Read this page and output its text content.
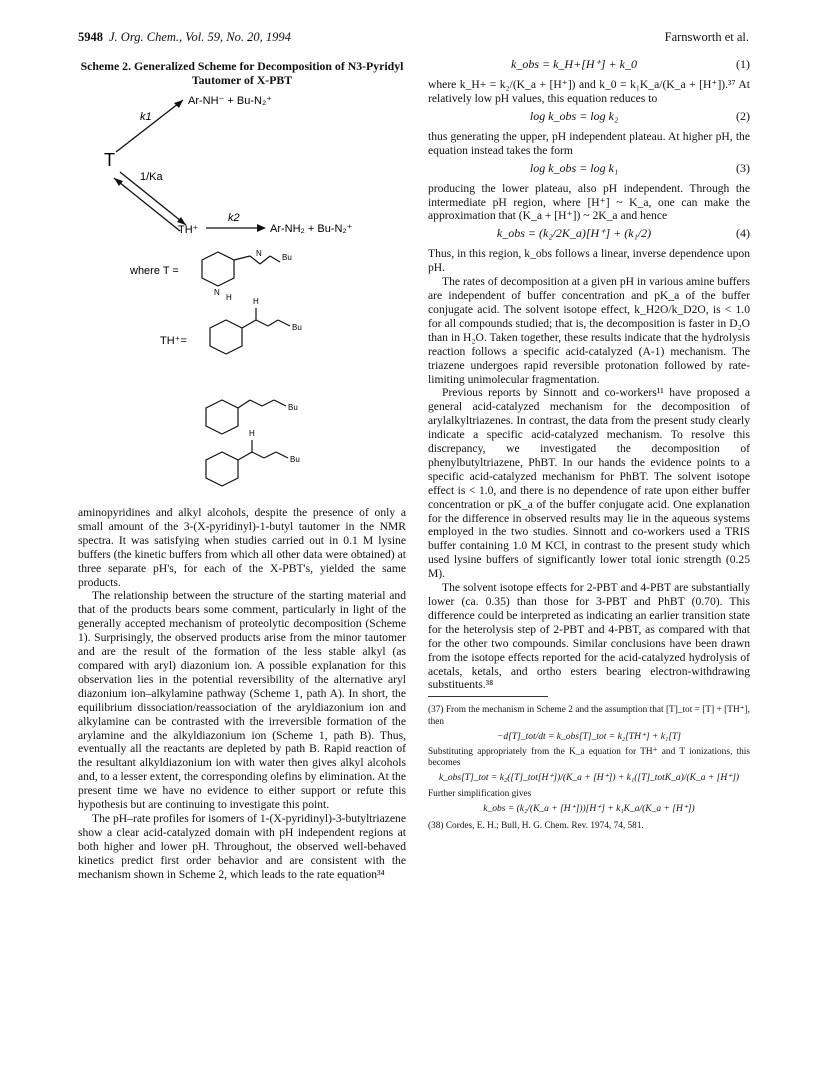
5948 J. Org. Chem., Vol. 59, No. 20, 1994	Farnsworth et al.
Scheme 2. Generalized Scheme for Decomposition of N3-Pyridyl Tautomer of X-PBT
T
k1
Ar-NH⁻ + Bu-N₂⁺
1/Ka
TH⁺
k2
Ar-NH₂ + Bu-N₂⁺
where T =
N	Bu
N
H
TH⁺=
H
Bu
Bu
H
Bu

aminopyridines and alkyl alcohols, despite the presence of only a small amount of the 3-(X-pyridinyl)-1-butyl tautomer in the NMR spectra. It was satisfying when studies carried out in 0.1 M lysine buffers (the kinetic buffers from which all other data were obtained) at three separate pH's, for each of the X-PBT's, yielded the same products.

The relationship between the structure of the starting material and that of the products bears some comment, particularly in light of the generally accepted mechanism of proteolytic decomposition (Scheme 1). Surprisingly, the observed products arise from the minor tautomer and are the result of the formation of the less stable alkyl (as compared with aryl) diazonium ion. A possible explanation for this observation lies in the potential reversibility of the alternative aryl diazonium ion–alkylamine pathway (Scheme 1, path A). In short, the equilibrium dissociation/reassociation of the aryldiazonium ion and alkylamine can be contrasted with the irreversible formation of the arylamine and the alkyldiazonium ion (Scheme 1, path B). Thus, eventually all the reactants are depleted by path B. Rapid reaction of the resultant alkyldiazonium ion with water then gives alkyl alcohols and, to a lesser extent, the corresponding olefins by elimination. At the present time we have no evidence to either support or refute this hypothesis but are continuing to investigate this point.

The pH–rate profiles for isomers of 1-(X-pyridinyl)-3-butyltriazene show a clear acid-catalyzed domain with pH independent regions at both higher and lower pH. Throughout, the observed well-behaved kinetics predict first order behavior and are consistent with the mechanism shown in Scheme 2, which leads to the rate equation³⁴

k_obs = k_H+[H⁺] + k_0	(1)

where k_H+ = k₂/(K_a + [H⁺]) and k_0 = k₁K_a/(K_a + [H⁺]).³⁷ At relatively low pH values, this equation reduces to

log k_obs = log k₂	(2)

thus generating the upper, pH independent plateau. At higher pH, the equation instead takes the form

log k_obs = log k₁	(3)

producing the lower plateau, also pH independent. Through the intermediate pH region, where [H⁺] ~ K_a, one can make the approximation that (K_a + [H⁺]) ~ 2K_a and hence

k_obs = (k₂/2K_a)[H⁺] + (k₁/2)	(4)

Thus, in this region, k_obs follows a linear, inverse dependence upon pH.

The rates of decomposition at a given pH in various amine buffers are independent of buffer concentration and pK_a of the buffer conjugate acid. The solvent isotope effect, k_H2O/k_D2O, is < 1.0 for all compounds studied; that is, the decomposition is faster in D₂O than in H₂O. Taken together, these results indicate that the hydrolysis reaction follows a specific acid-catalyzed (A-1) mechanism. The triazene undergoes rapid reversible protonation followed by rate-limiting unimolecular fragmentation.

Previous reports by Sinnott and co-workers¹¹ have proposed a general acid-catalyzed mechanism for the decomposition of arylalkyltriazenes. In contrast, the data from the present study clearly indicate a specific acid-catalyzed mechanism. To resolve this discrepancy, we investigated the decomposition of phenylbutyltriazene, PhBT. In our hands the evidence points to a specific acid-catalyzed mechanism for PhBT. The solvent isotope effect is < 1.0, and there is no dependence of rate upon either buffer concentration or pK_a of the buffer conjugate acid. One explanation for the difference in observed results may lie in the aqueous systems employed in the two studies. Sinnott and co-workers used a TRIS buffer containing 1.0 M KCl, in contrast to the present study which used lysine buffers of significantly lower total ionic strength (0.25 M).

The solvent isotope effects for 2-PBT and 4-PBT are substantially lower (ca. 0.35) than those for 3-PBT and PhBT (0.70). This difference could be interpreted as indicating an earlier transition state for the heterolysis step of 2-PBT and 4-PBT, as compared with that for the other two compounds. Similar conclusions have been drawn from the isotope effects reported for the acid-catalyzed hydrolysis of acetals, ketals, and ortho esters bearing electron-withdrawing substituents.³⁸

(37) From the mechanism in Scheme 2 and the assumption that [T]_tot = [T] + [TH⁺], then

−d[T]_tot/dt = k_obs[T]_tot = k₂[TH⁺] + k₁[T]

Substituting appropriately from the K_a equation for TH⁺ and T ionizations, this becomes

k_obs[T]_tot = k₂([T]_tot[H⁺])/(K_a + [H⁺]) + k₁([T]_totK_a)/(K_a + [H⁺])

Further simplification gives

k_obs = (k₂/(K_a + [H⁺]))[H⁺] + k₁K_a/(K_a + [H⁺])

(38) Cordes, E. H.; Bull, H. G. Chem. Rev. 1974, 74, 581.
